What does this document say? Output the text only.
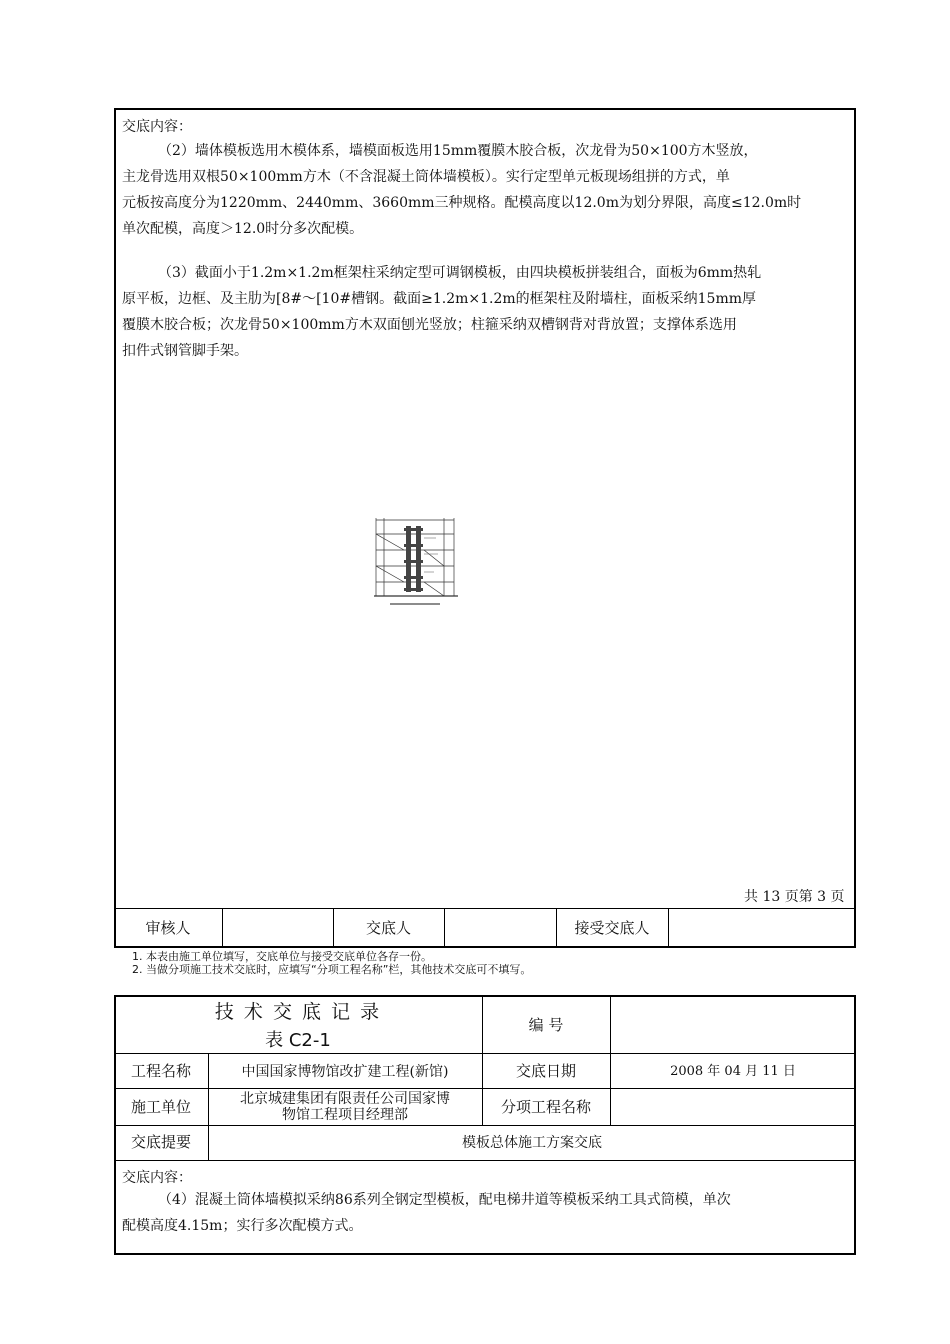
交底内容：
（2）墙体模板选用木模体系，墙模面板选用15mm覆膜木胶合板，次龙骨为50×100方木竖放，
主龙骨选用双根50×100mm方木（不含混凝土筒体墙模板）。实行定型单元板现场组拼的方式，单
元板按高度分为1220mm、2440mm、3660mm三种规格。配模高度以12.0m为划分界限，高度≤12.0m时
单次配模，高度＞12.0时分多次配模。
（3）截面小于1.2m×1.2m框架柱采纳定型可调钢模板，由四块模板拼装组合，面板为6mm热轧
原平板，边框、及主肋为[8#～[10#槽钢。截面≥1.2m×1.2m的框架柱及附墙柱，面板采纳15mm厚
覆膜木胶合板；次龙骨50×100mm方木双面刨光竖放；柱箍采纳双槽钢背对背放置；支撑体系选用
扣件式钢管脚手架。
共 13 页第 3 页
审核人	交底人	接受交底人
1. 本表由施工单位填写，交底单位与接受交底单位各存一份。
2. 当做分项施工技术交底时，应填写“分项工程名称”栏，其他技术交底可不填写。
技 术 交 底 记 录
表 C2-1
编 号
工程名称	中国国家博物馆改扩建工程(新馆)	交底日期	2008 年 04 月 11 日
施工单位	北京城建集团有限责任公司国家博
物馆工程项目经理部	分项工程名称
交底提要	模板总体施工方案交底
交底内容：
（4）混凝土筒体墙模拟采纳86系列全钢定型模板，配电梯井道等模板采纳工具式筒模，单次
配模高度4.15m；实行多次配模方式。
